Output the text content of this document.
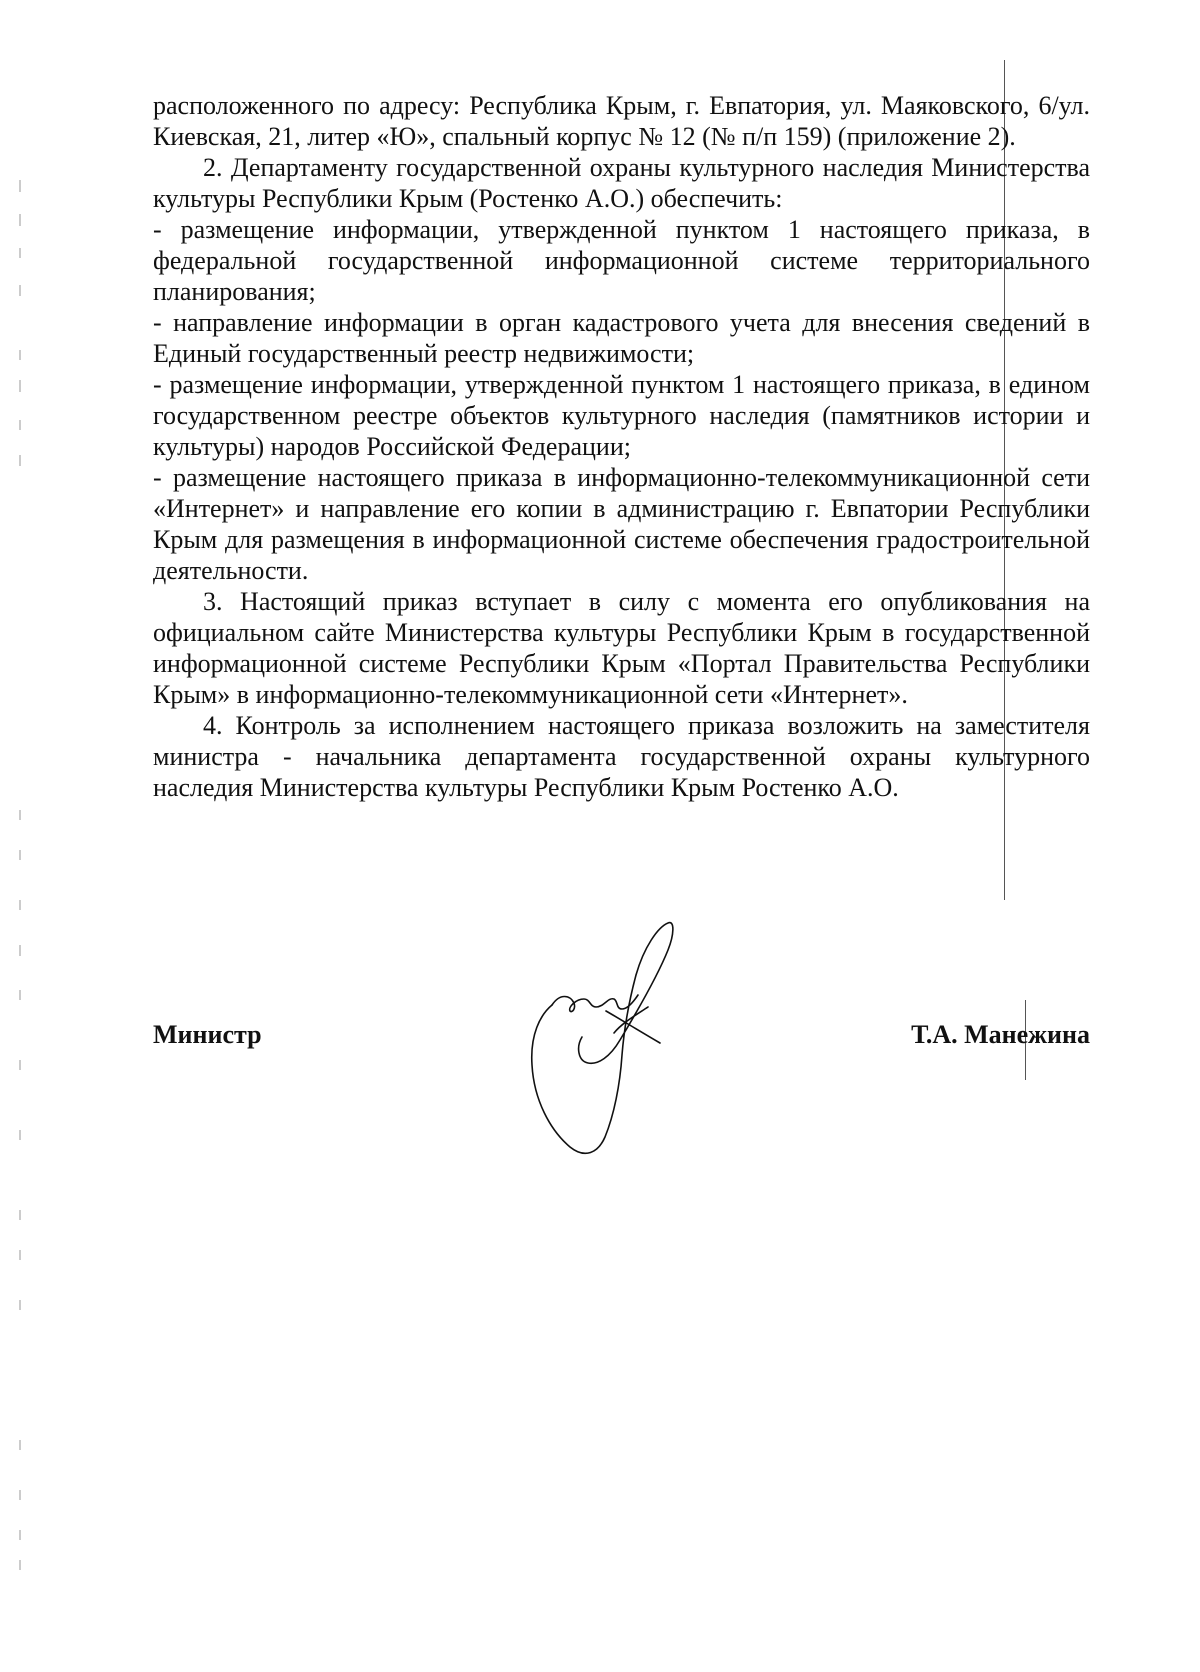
расположенного по адресу: Республика Крым, г. Евпатория, ул. Маяковского, 6/ул. Киевская, 21, литер «Ю», спальный корпус № 12 (№ п/п 159) (приложение 2).

2. Департаменту государственной охраны культурного наследия Министерства культуры Республики Крым (Ростенко А.О.) обеспечить:

- размещение информации, утвержденной пунктом 1 настоящего приказа, в федеральной государственной информационной системе территориального планирования;

- направление информации в орган кадастрового учета для внесения сведений в Единый государственный реестр недвижимости;

- размещение информации, утвержденной пунктом 1 настоящего приказа, в едином государственном реестре объектов культурного наследия (памятников истории и культуры) народов Российской Федерации;

- размещение настоящего приказа в информационно-телекоммуникационной сети «Интернет» и направление его копии в администрацию г. Евпатории Республики Крым для размещения в информационной системе обеспечения градостроительной деятельности.

3. Настоящий приказ вступает в силу с момента его опубликования на официальном сайте Министерства культуры Республики Крым в государственной информационной системе Республики Крым «Портал Правительства Республики Крым» в информационно-телекоммуникационной сети «Интернет».

4. Контроль за исполнением настоящего приказа возложить на заместителя министра - начальника департамента государственной охраны культурного наследия Министерства культуры Республики Крым Ростенко А.О.

Министр	Т.А. Манежина
